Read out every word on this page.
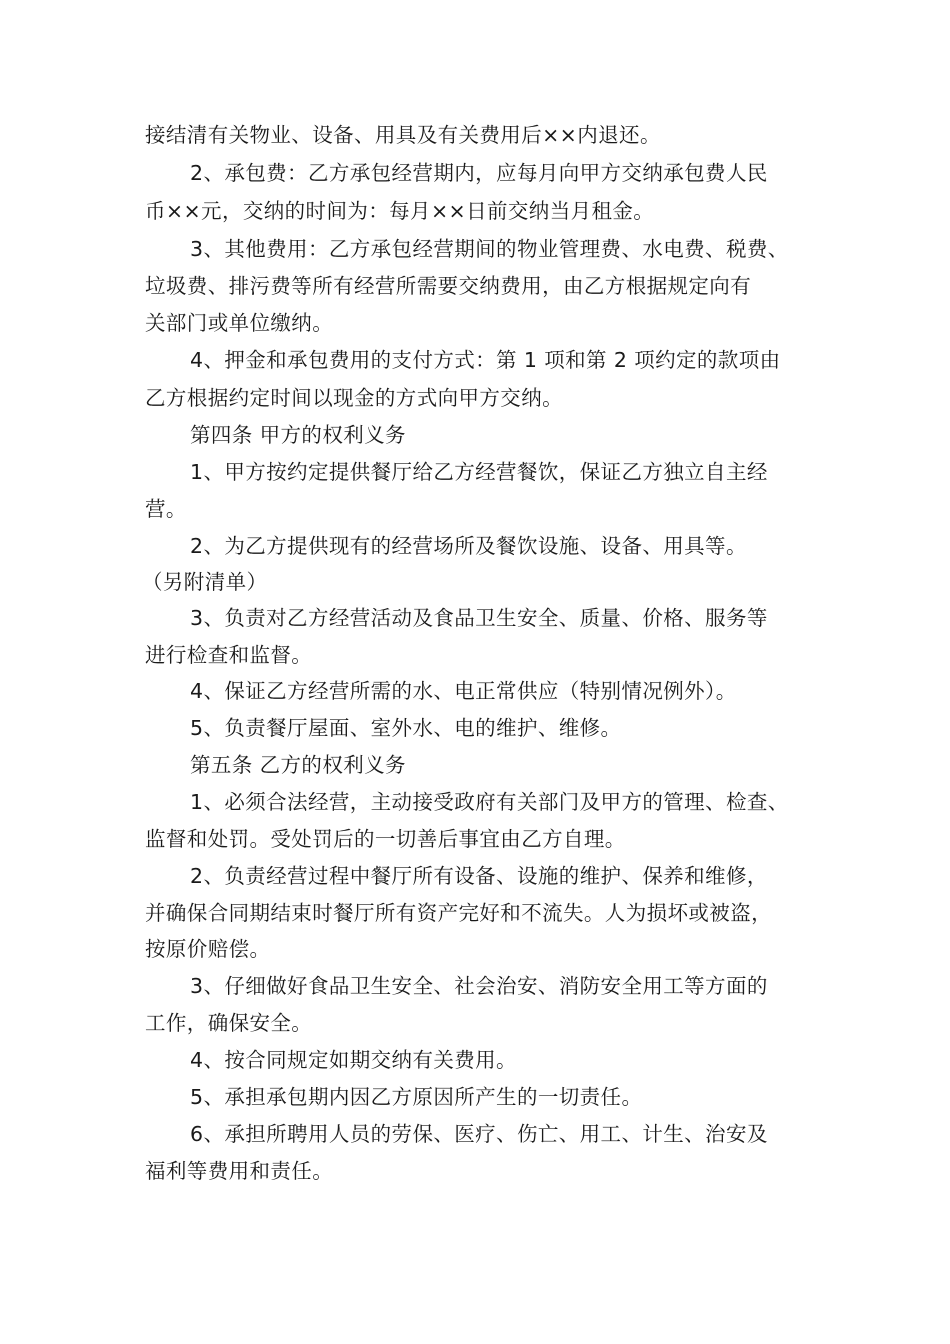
接结清有关物业、设备、用具及有关费用后××内退还。
2、承包费：乙方承包经营期内，应每月向甲方交纳承包费人民
币××元，交纳的时间为：每月××日前交纳当月租金。
3、其他费用：乙方承包经营期间的物业管理费、水电费、税费、
垃圾费、排污费等所有经营所需要交纳费用，由乙方根据规定向有
关部门或单位缴纳。
4、押金和承包费用的支付方式：第 1 项和第 2 项约定的款项由
乙方根据约定时间以现金的方式向甲方交纳。
第四条 甲方的权利义务
1、甲方按约定提供餐厅给乙方经营餐饮，保证乙方独立自主经
营。
2、为乙方提供现有的经营场所及餐饮设施、设备、用具等。
（另附清单）
3、负责对乙方经营活动及食品卫生安全、质量、价格、服务等
进行检查和监督。
4、保证乙方经营所需的水、电正常供应（特别情况例外）。
5、负责餐厅屋面、室外水、电的维护、维修。
第五条 乙方的权利义务
1、必须合法经营，主动接受政府有关部门及甲方的管理、检查、
监督和处罚。受处罚后的一切善后事宜由乙方自理。
2、负责经营过程中餐厅所有设备、设施的维护、保养和维修，
并确保合同期结束时餐厅所有资产完好和不流失。人为损坏或被盗，
按原价赔偿。
3、仔细做好食品卫生安全、社会治安、消防安全用工等方面的
工作，确保安全。
4、按合同规定如期交纳有关费用。
5、承担承包期内因乙方原因所产生的一切责任。
6、承担所聘用人员的劳保、医疗、伤亡、用工、计生、治安及
福利等费用和责任。
